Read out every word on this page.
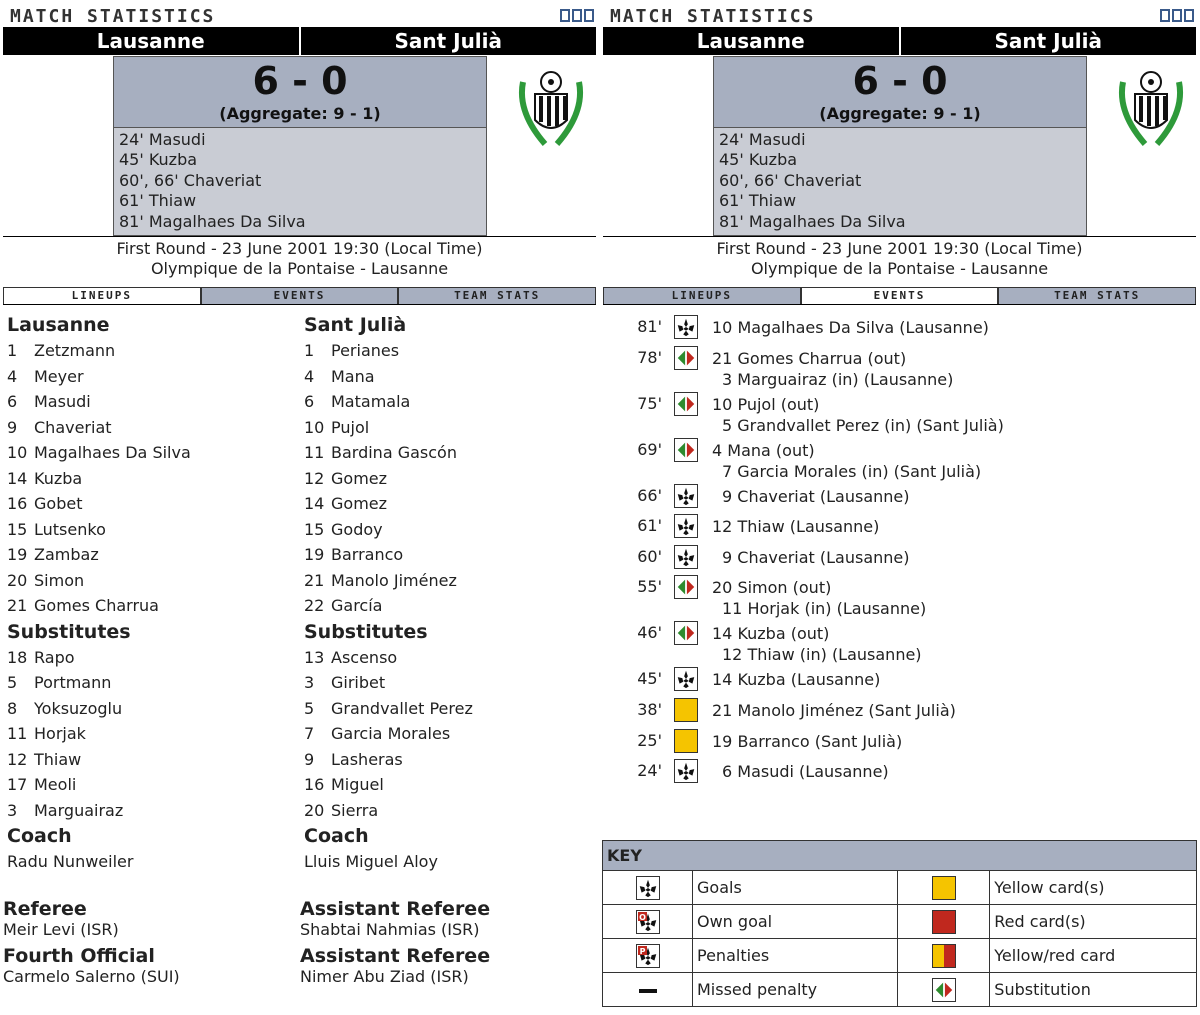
MATCH STATISTICS
Lausanne	Sant Julià
6 - 0
(Aggregate: 9 - 1)
24' Masudi
45' Kuzba
60', 66' Chaveriat
61' Thiaw
81' Magalhaes Da Silva
First Round - 23 June 2001 19:30 (Local Time)
Olympique de la Pontaise - Lausanne
LINEUPS	EVENTS	TEAM STATS
Lausanne
1 Zetzmann
4 Meyer
6 Masudi
9 Chaveriat
10 Magalhaes Da Silva
14 Kuzba
16 Gobet
15 Lutsenko
19 Zambaz
20 Simon
21 Gomes Charrua
Substitutes
18 Rapo
5 Portmann
8 Yoksuzoglu
11 Horjak
12 Thiaw
17 Meoli
3 Marguairaz
Coach
Radu Nunweiler
Sant Julià
1 Perianes
4 Mana
6 Matamala
10 Pujol
11 Bardina Gascón
12 Gomez
14 Gomez
15 Godoy
19 Barranco
21 Manolo Jiménez
22 García
Substitutes
13 Ascenso
3 Giribet
5 Grandvallet Perez
7 Garcia Morales
9 Lasheras
16 Miguel
20 Sierra
Coach
Lluis Miguel Aloy
Referee
Meir Levi (ISR)
Assistant Referee
Shabtai Nahmias (ISR)
Fourth Official
Carmelo Salerno (SUI)
Assistant Referee
Nimer Abu Ziad (ISR)
MATCH STATISTICS
Lausanne	Sant Julià
6 - 0
(Aggregate: 9 - 1)
24' Masudi
45' Kuzba
60', 66' Chaveriat
61' Thiaw
81' Magalhaes Da Silva
First Round - 23 June 2001 19:30 (Local Time)
Olympique de la Pontaise - Lausanne
LINEUPS	EVENTS	TEAM STATS
81'	10 Magalhaes Da Silva (Lausanne)
78'	21 Gomes Charrua (out)
3 Marguairaz (in) (Lausanne)
75'	10 Pujol (out)
5 Grandvallet Perez (in) (Sant Julià)
69'	4 Mana (out)
7 Garcia Morales (in) (Sant Julià)
66'	9 Chaveriat (Lausanne)
61'	12 Thiaw (Lausanne)
60'	9 Chaveriat (Lausanne)
55'	20 Simon (out)
11 Horjak (in) (Lausanne)
46'	14 Kuzba (out)
12 Thiaw (in) (Lausanne)
45'	14 Kuzba (Lausanne)
38'	21 Manolo Jiménez (Sant Julià)
25'	19 Barranco (Sant Julià)
24'	6 Masudi (Lausanne)
KEY			
	Goals		Yellow card(s)

O	Own goal		Red card(s)

P	Penalties		Yellow/red card
	Missed penalty		Substitution
